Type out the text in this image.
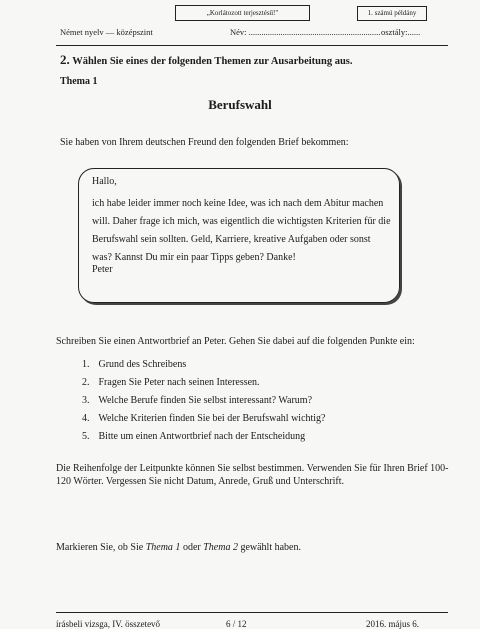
„Korlátozott terjesztésű!"	1. számú példány
Német nyelv — középszint	Név: .............................................................. osztály:......
2. Wählen Sie eines der folgenden Themen zur Ausarbeitung aus.
Thema 1
Berufswahl
Sie haben von Ihrem deutschen Freund den folgenden Brief bekommen:
Hallo,

ich habe leider immer noch keine Idee, was ich nach dem Abitur machen will. Daher frage ich mich, was eigentlich die wichtigsten Kriterien für die Berufswahl sein sollten. Geld, Karriere, kreative Aufgaben oder sonst was? Kannst Du mir ein paar Tipps geben? Danke!

Peter
Schreiben Sie einen Antwortbrief an Peter. Gehen Sie dabei auf die folgenden Punkte ein:
1. Grund des Schreibens
2. Fragen Sie Peter nach seinen Interessen.
3. Welche Berufe finden Sie selbst interessant? Warum?
4. Welche Kriterien finden Sie bei der Berufswahl wichtig?
5. Bitte um einen Antwortbrief nach der Entscheidung
Die Reihenfolge der Leitpunkte können Sie selbst bestimmen. Verwenden Sie für Ihren Brief 100-120 Wörter. Vergessen Sie nicht Datum, Anrede, Gruß und Unterschrift.
Markieren Sie, ob Sie Thema 1 oder Thema 2 gewählt haben.
írásbeli vizsga, IV. összetevő	6 / 12	2016. május 6.
